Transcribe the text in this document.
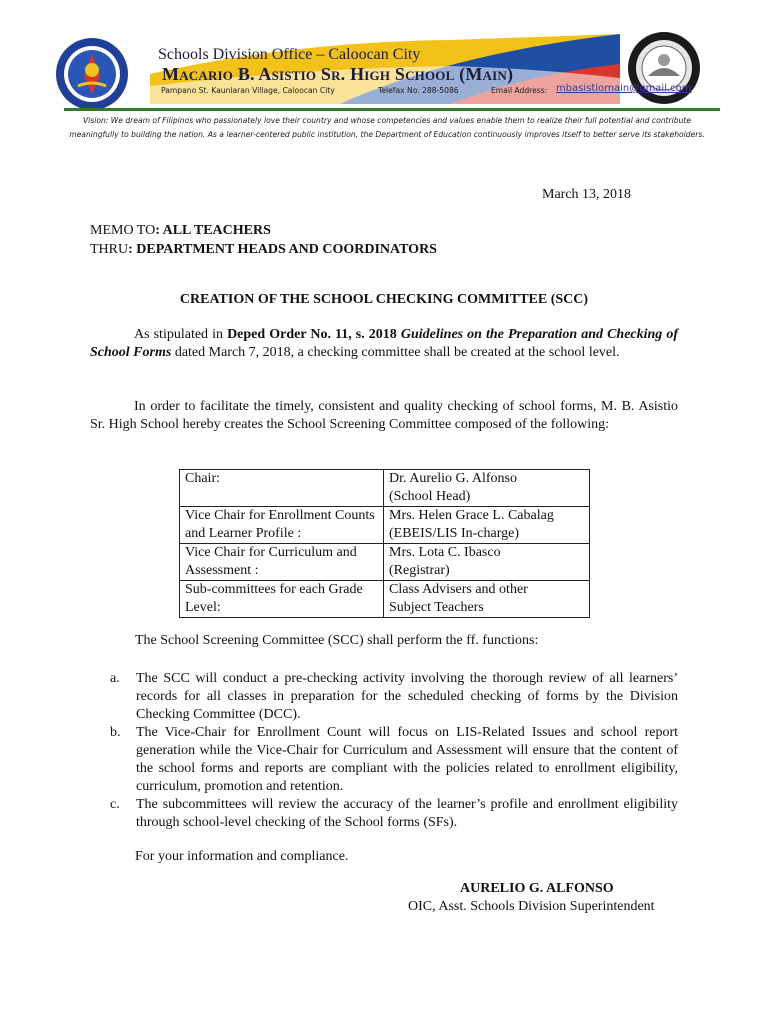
Schools Division Office – Caloocan City
Macario B. Asistio Sr. High School (Main)
Pampano St. Kaunlaran Village, Caloocan City	Telefax No. 288-5086	Email Address: mbasistiomain@gmail.com
Vision: We dream of Filipinos who passionately love their country and whose competencies and values enable them to realize their full potential and contribute meaningfully to building the nation. As a learner-centered public institution, the Department of Education continuously improves itself to better serve its stakeholders.
March 13, 2018
MEMO TO: ALL TEACHERS
THRU: DEPARTMENT HEADS AND COORDINATORS
CREATION OF THE SCHOOL CHECKING COMMITTEE (SCC)
As stipulated in Deped Order No. 11, s. 2018 Guidelines on the Preparation and Checking of School Forms dated March 7, 2018, a checking committee shall be created at the school level.
In order to facilitate the timely, consistent and quality checking of school forms, M. B. Asistio Sr. High School hereby creates the School Screening Committee composed of the following:
Chair:	Dr. Aurelio G. Alfonso
(School Head)

Vice Chair for Enrollment Counts and Learner Profile :	Mrs. Helen Grace L. Cabalag
(EBEIS/LIS In-charge)

Vice Chair for Curriculum and Assessment :	Mrs. Lota C. Ibasco
(Registrar)

Sub-committees for each Grade Level:	Class Advisers and other
Subject Teachers
The School Screening Committee (SCC) shall perform the ff. functions:
a.	The SCC will conduct a pre-checking activity involving the thorough review of all learners’ records for all classes in preparation for the scheduled checking of forms by the Division Checking Committee (DCC).
b.	The Vice-Chair for Enrollment Count will focus on LIS-Related Issues and school report generation while the Vice-Chair for Curriculum and Assessment will ensure that the content of the school forms and reports are compliant with the policies related to enrollment eligibility, curriculum, promotion and retention.
c.	The subcommittees will review the accuracy of the learner’s profile and enrollment eligibility through school-level checking of the School forms (SFs).
For your information and compliance.
AURELIO G. ALFONSO
OIC, Asst. Schools Division Superintendent
